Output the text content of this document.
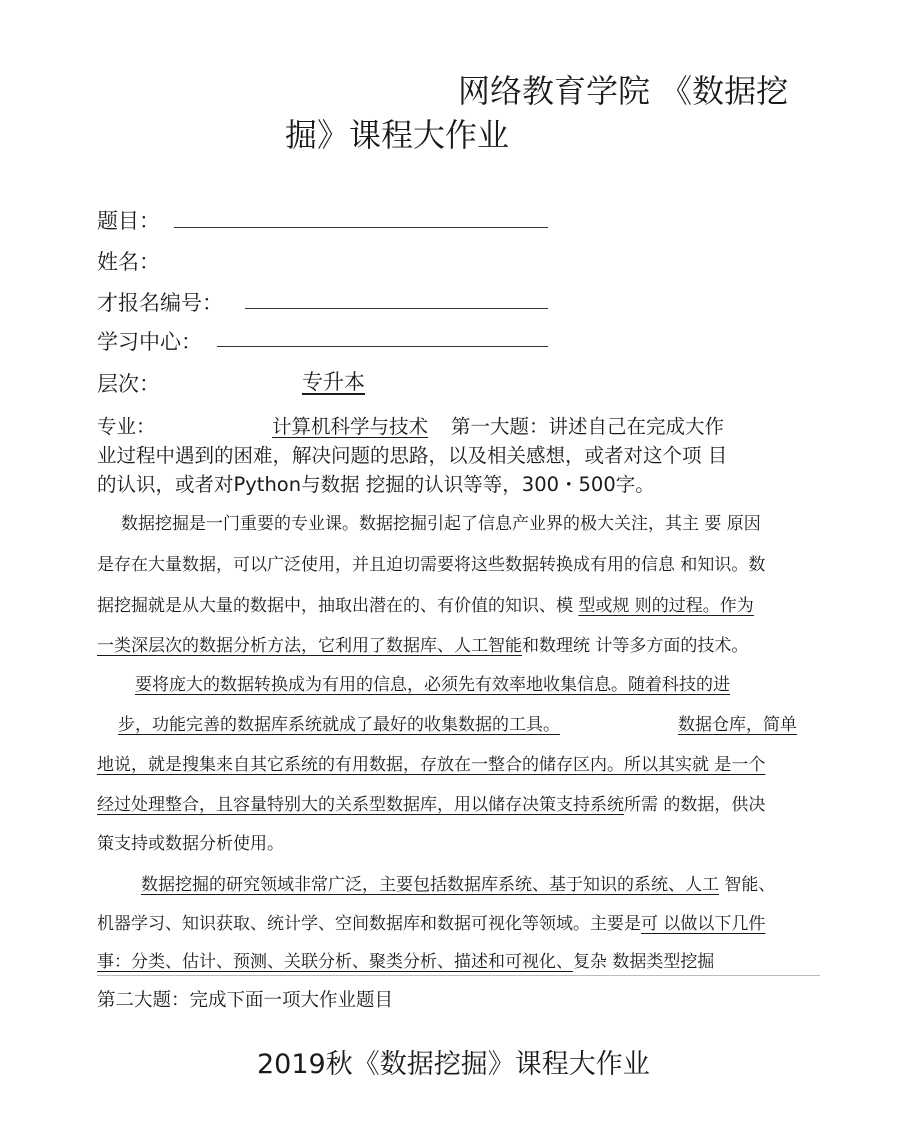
网络教育学院 《数据挖
掘》课程大作业
题目：
姓名：
才报名编号：
学习中心：
层次：	专升本
专业：	计算机科学与技术 第一大题：讲述自己在完成大作
业过程中遇到的困难，解决问题的思路，以及相关感想，或者对这个项 目
的认识，或者对Python与数据 挖掘的认识等等，300・500字。
数据挖掘是一门重要的专业课。数据挖掘引起了信息产业界的极大关注，其主 要 原因
是存在大量数据，可以广泛使用，并且迫切需要将这些数据转换成有用的信息 和知识。数
据挖掘就是从大量的数据中，抽取出潜在的、有价值的知识、模 型或规 则的过程。作为
一类深层次的数据分析方法，它利用了数据库、人工智能和数理统 计等多方面的技术。
要将庞大的数据转换成为有用的信息，必须先有效率地收集信息。随着科技的进
步，功能完善的数据库系统就成了最好的收集数据的工具。	数据仓库，简单
地说，就是搜集来自其它系统的有用数据，存放在一整合的储存区内。所以其实就 是一个
经过处理整合，且容量特别大的关系型数据库，用以储存决策支持系统所需 的数据，供决
策支持或数据分析使用。
数据挖掘的研究领域非常广泛，主要包括数据库系统、基于知识的系统、人工 智能、
机器学习、知识获取、统计学、空间数据库和数据可视化等领域。主要是可 以做以下几件
事：分类、估计、预测、关联分析、聚类分析、描述和可视化、复杂 数据类型挖掘
第二大题：完成下面一项大作业题目
2019秋《数据挖掘》课程大作业
